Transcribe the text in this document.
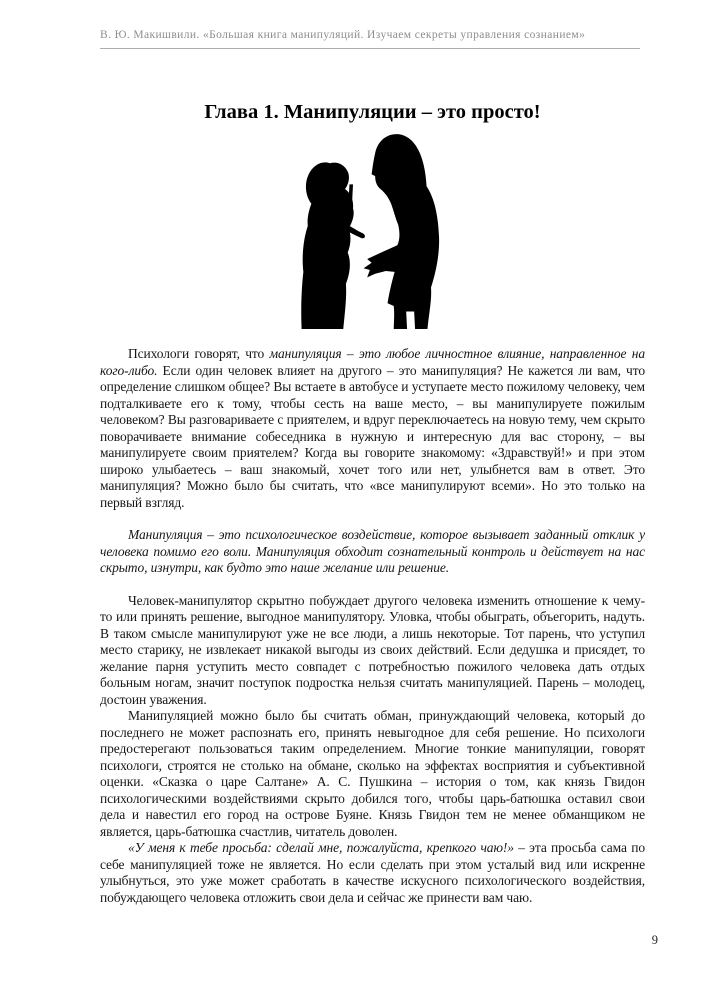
В. Ю. Макишвили. «Большая книга манипуляций. Изучаем секреты управления сознанием»
Глава 1. Манипуляции – это просто!

Психологи говорят, что манипуляция – это любое личностное влияние, направленное на кого-либо. Если один человек влияет на другого – это манипуляция? Не кажется ли вам, что определение слишком общее? Вы встаете в автобусе и уступаете место пожилому человеку, чем подталкиваете его к тому, чтобы сесть на ваше место, – вы манипулируете пожилым человеком? Вы разговариваете с приятелем, и вдруг переключаетесь на новую тему, чем скрыто поворачиваете внимание собеседника в нужную и интересную для вас сторону, – вы манипулируете своим приятелем? Когда вы говорите знакомому: «Здравствуй!» и при этом широко улыбаетесь – ваш знакомый, хочет того или нет, улыбнется вам в ответ. Это манипуляция? Можно было бы считать, что «все манипулируют всеми». Но это только на первый взгляд.

Манипуляция – это психологическое воздействие, которое вызывает заданный отклик у человека помимо его воли. Манипуляция обходит сознательный контроль и действует на нас скрыто, изнутри, как будто это наше желание или решение.

Человек-манипулятор скрытно побуждает другого человека изменить отношение к чему-то или принять решение, выгодное манипулятору. Уловка, чтобы обыграть, объегорить, надуть. В таком смысле манипулируют уже не все люди, а лишь некоторые. Тот парень, что уступил место старику, не извлекает никакой выгоды из своих действий. Если дедушка и присядет, то желание парня уступить место совпадет с потребностью пожилого человека дать отдых больным ногам, значит поступок подростка нельзя считать манипуляцией. Парень – молодец, достоин уважения.

Манипуляцией можно было бы считать обман, принуждающий человека, который до последнего не может распознать его, принять невыгодное для себя решение. Но психологи предостерегают пользоваться таким определением. Многие тонкие манипуляции, говорят психологи, строятся не столько на обмане, сколько на эффектах восприятия и субъективной оценки. «Сказка о царе Салтане» А. С. Пушкина – история о том, как князь Гвидон психологическими воздействиями скрыто добился того, чтобы царь-батюшка оставил свои дела и навестил его город на острове Буяне. Князь Гвидон тем не менее обманщиком не является, царь-батюшка счастлив, читатель доволен.

«У меня к тебе просьба: сделай мне, пожалуйста, крепкого чаю!» – эта просьба сама по себе манипуляцией тоже не является. Но если сделать при этом усталый вид или искренне улыбнуться, это уже может сработать в качестве искусного психологического воздействия, побуждающего человека отложить свои дела и сейчас же принести вам чаю.

9
